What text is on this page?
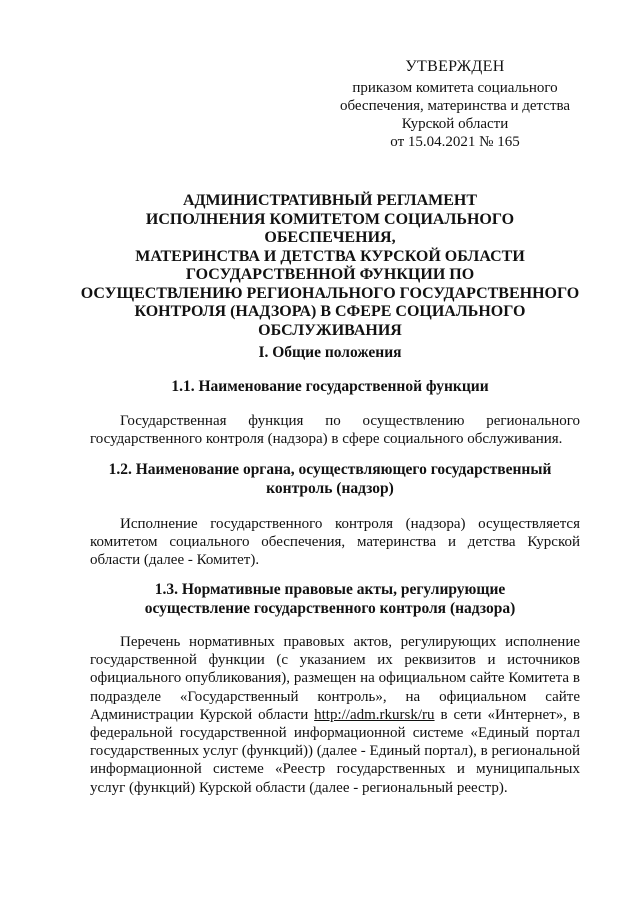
УТВЕРЖДЕН
приказом комитета социального
обеспечения, материнства и детства
Курской области
от 15.04.2021 № 165
АДМИНИСТРАТИВНЫЙ РЕГЛАМЕНТ
ИСПОЛНЕНИЯ КОМИТЕТОМ СОЦИАЛЬНОГО ОБЕСПЕЧЕНИЯ,
МАТЕРИНСТВА И ДЕТСТВА КУРСКОЙ ОБЛАСТИ
ГОСУДАРСТВЕННОЙ ФУНКЦИИ ПО
ОСУЩЕСТВЛЕНИЮ РЕГИОНАЛЬНОГО ГОСУДАРСТВЕННОГО
КОНТРОЛЯ (НАДЗОРА) В СФЕРЕ СОЦИАЛЬНОГО
ОБСЛУЖИВАНИЯ
I. Общие положения
1.1. Наименование государственной функции

Государственная функция по осуществлению регионального государственного контроля (надзора) в сфере социального обслуживания.

1.2. Наименование органа, осуществляющего государственный
контроль (надзор)

Исполнение государственного контроля (надзора) осуществляется комитетом социального обеспечения, материнства и детства Курской области (далее - Комитет).

1.3. Нормативные правовые акты, регулирующие
осуществление государственного контроля (надзора)

Перечень нормативных правовых актов, регулирующих исполнение государственной функции (с указанием их реквизитов и источников официального опубликования), размещен на официальном сайте Комитета в подразделе «Государственный контроль», на официальном сайте Администрации Курской области http://adm.rkursk/ru в сети «Интернет», в федеральной государственной информационной системе «Единый портал государственных услуг (функций)) (далее - Единый портал), в региональной информационной системе «Реестр государственных и муниципальных услуг (функций) Курской области (далее - региональный реестр).
